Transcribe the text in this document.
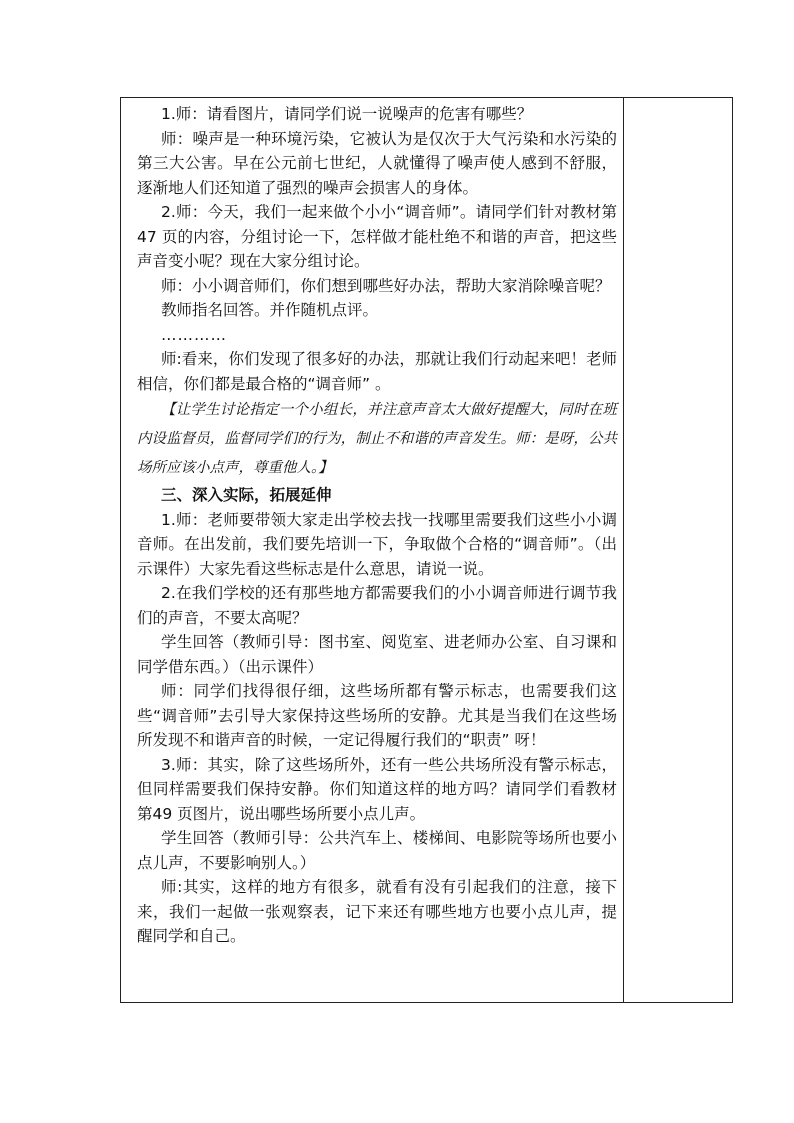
1.师：请看图片，请同学们说一说噪声的危害有哪些？

师：噪声是一种环境污染，它被认为是仅次于大气污染和水污染的第三大公害。早在公元前七世纪，人就懂得了噪声使人感到不舒服，逐渐地人们还知道了强烈的噪声会损害人的身体。

2.师：今天，我们一起来做个小小“调音师”。请同学们针对教材第 47 页的内容，分组讨论一下，怎样做才能杜绝不和谐的声音，把这些声音变小呢？现在大家分组讨论。

师：小小调音师们，你们想到哪些好办法，帮助大家消除噪音呢？

教师指名回答。并作随机点评。

…………

师:看来，你们发现了很多好的办法，那就让我们行动起来吧！老师相信，你们都是最合格的“调音师” 。

【让学生讨论指定一个小组长，并注意声音太大做好提醒大，同时在班内设监督员，监督同学们的行为，制止不和谐的声音发生。师：是呀，公共场所应该小点声，尊重他人。】

三、深入实际，拓展延伸

1.师：老师要带领大家走出学校去找一找哪里需要我们这些小小调音师。在出发前，我们要先培训一下，争取做个合格的“调音师”。（出示课件）大家先看这些标志是什么意思，请说一说。

2.在我们学校的还有那些地方都需要我们的小小调音师进行调节我们的声音，不要太高呢？

学生回答（教师引导：图书室、阅览室、进老师办公室、自习课和同学借东西。）（出示课件）

师：同学们找得很仔细，这些场所都有警示标志，也需要我们这些“调音师”去引导大家保持这些场所的安静。尤其是当我们在这些场所发现不和谐声音的时候，一定记得履行我们的“职责” 呀！

3.师：其实，除了这些场所外，还有一些公共场所没有警示标志，但同样需要我们保持安静。你们知道这样的地方吗？请同学们看教材第49 页图片，说出哪些场所要小点儿声。

学生回答（教师引导：公共汽车上、楼梯间、电影院等场所也要小点儿声，不要影响别人。）

师:其实，这样的地方有很多，就看有没有引起我们的注意，接下来，我们一起做一张观察表，记下来还有哪些地方也要小点儿声，提醒同学和自己。
